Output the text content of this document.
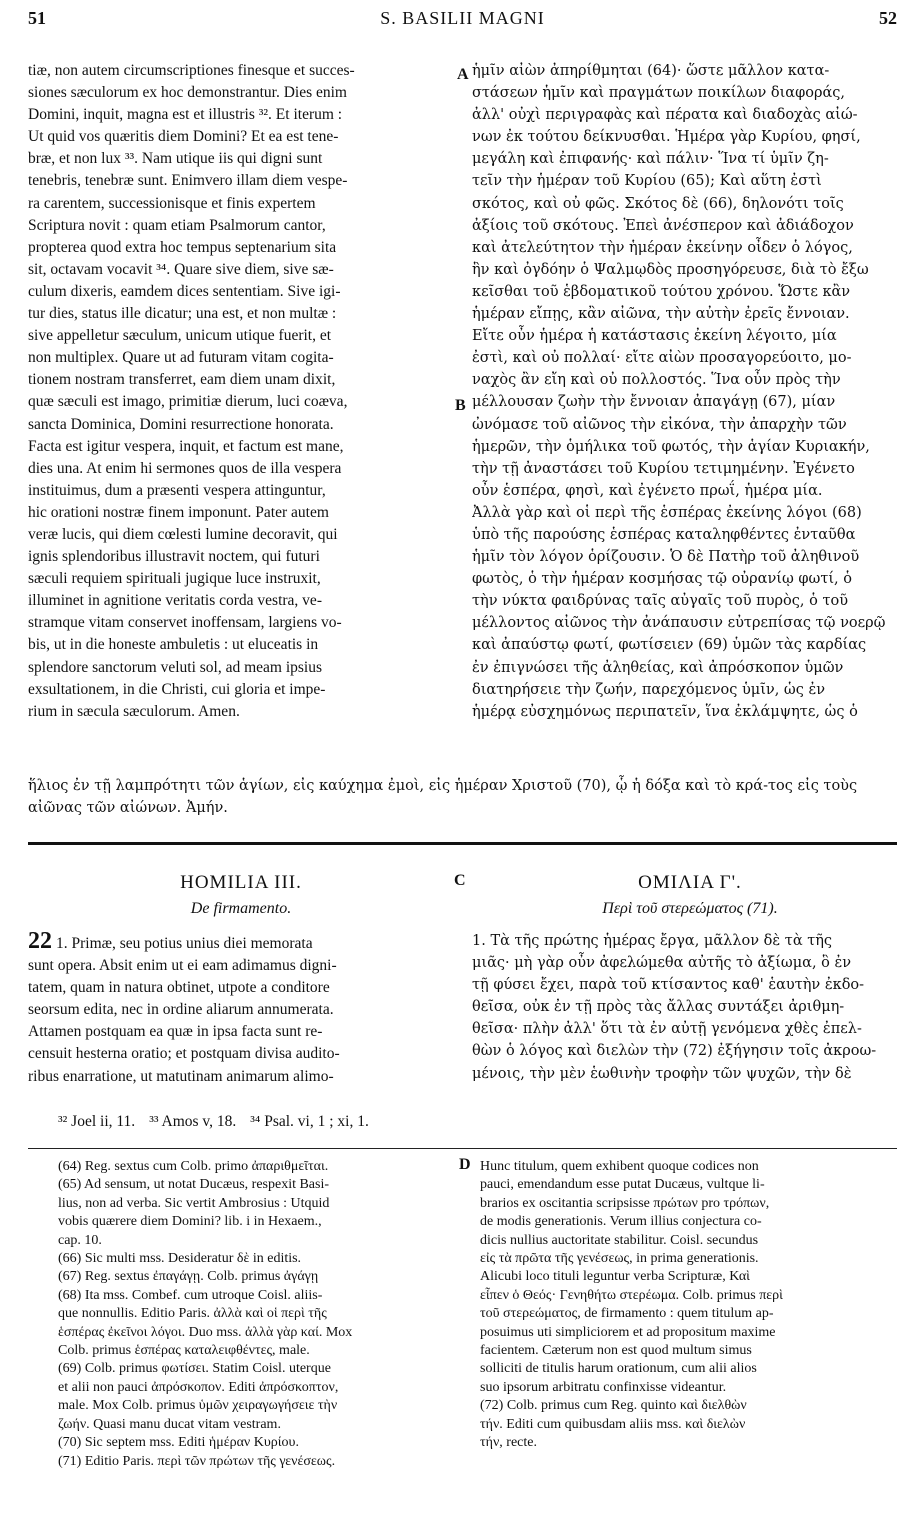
51	S. BASILII MAGNI	52
tiæ, non autem circumscriptiones finesque et succes-
siones sæculorum ex hoc demonstrantur. Dies enim
Domini, inquit, magna est et illustris ³². Et iterum :
Ut quid vos quæritis diem Domini? Et ea est tene-
bræ, et non lux ³³. Nam utique iis qui digni sunt
tenebris, tenebræ sunt. Enimvero illam diem vespe-
ra carentem, successionisque et finis expertem
Scriptura novit : quam etiam Psalmorum cantor,
propterea quod extra hoc tempus septenarium sita
sit, octavam vocavit ³⁴. Quare sive diem, sive sæ-
culum dixeris, eamdem dices sententiam. Sive igi-
tur dies, status ille dicatur; una est, et non multæ :
sive appelletur sæculum, unicum utique fuerit, et
non multiplex. Quare ut ad futuram vitam cogita-
tionem nostram transferret, eam diem unam dixit,
quæ sæculi est imago, primitiæ dierum, luci coæva,
sancta Dominica, Domini resurrectione honorata.
Facta est igitur vespera, inquit, et factum est mane,
dies una. At enim hi sermones quos de illa vespera
instituimus, dum a præsenti vespera attinguntur,
hic orationi nostræ finem imponunt. Pater autem
veræ lucis, qui diem cœlesti lumine decoravit, qui
ignis splendoribus illustravit noctem, qui futuri
sæculi requiem spirituali jugique luce instruxit,
illuminet in agnitione veritatis corda vestra, ve-
stramque vitam conservet inoffensam, largiens vo-
bis, ut in die honeste ambuletis : ut eluceatis in
splendore sanctorum veluti sol, ad meam ipsius
exsultationem, in die Christi, cui gloria et impe-
rium in sæcula sæculorum. Amen.
ἡμῖν αἰὼν ἀπηρίθμηται (64)· ὥστε μᾶλλον κατα-
στάσεων ἡμῖν καὶ πραγμάτων ποικίλων διαφοράς,
ἀλλ' οὐχὶ περιγραφὰς καὶ πέρατα καὶ διαδοχὰς αἰώ-
νων ἐκ τούτου δείκνυσθαι. Ἡμέρα γὰρ Κυρίου, φησί,
μεγάλη καὶ ἐπιφανής· καὶ πάλιν· Ἵνα τί ὑμῖν ζη-
τεῖν τὴν ἡμέραν τοῦ Κυρίου (65); Καὶ αὕτη ἐστὶ
σκότος, καὶ οὐ φῶς. Σκότος δὲ (66), δηλονότι τοῖς
ἀξίοις τοῦ σκότους. Ἐπεὶ ἀνέσπερον καὶ ἀδιάδοχον
καὶ ἀτελεύτητον τὴν ἡμέραν ἐκείνην οἶδεν ὁ λόγος,
ἣν καὶ ὀγδόην ὁ Ψαλμῳδὸς προσηγόρευσε, διὰ τὸ ἔξω
κεῖσθαι τοῦ ἑβδοματικοῦ τούτου χρόνου. Ὥστε κἂν
ἡμέραν εἴπῃς, κἂν αἰῶνα, τὴν αὐτὴν ἐρεῖς ἔννοιαν.
Εἴτε οὖν ἡμέρα ἡ κατάστασις ἐκείνη λέγοιτο, μία
ἐστὶ, καὶ οὐ πολλαί· εἴτε αἰὼν προσαγορεύοιτο, μο-
ναχὸς ἂν εἴη καὶ οὐ πολλοστός. Ἵνα οὖν πρὸς τὴν
μέλλουσαν ζωὴν τὴν ἔννοιαν ἀπαγάγῃ (67), μίαν
ὠνόμασε τοῦ αἰῶνος τὴν εἰκόνα, τὴν ἀπαρχὴν τῶν
ἡμερῶν, τὴν ὁμήλικα τοῦ φωτός, τὴν ἁγίαν Κυριακήν,
τὴν τῇ ἀναστάσει τοῦ Κυρίου τετιμημένην. Ἐγένετο
οὖν ἑσπέρα, φησὶ, καὶ ἐγένετο πρωΐ, ἡμέρα μία.
Ἀλλὰ γὰρ καὶ οἱ περὶ τῆς ἑσπέρας ἐκείνης λόγοι (68)
ὑπὸ τῆς παρούσης ἑσπέρας καταληφθέντες ἐνταῦθα
ἡμῖν τὸν λόγον ὁρίζουσιν. Ὁ δὲ Πατὴρ τοῦ ἀληθινοῦ
φωτὸς, ὁ τὴν ἡμέραν κοσμήσας τῷ οὐρανίῳ φωτί, ὁ
τὴν νύκτα φαιδρύνας ταῖς αὐγαῖς τοῦ πυρὸς, ὁ τοῦ
μέλλοντος αἰῶνος τὴν ἀνάπαυσιν εὐτρεπίσας τῷ νοερῷ
καὶ ἀπαύστῳ φωτί, φωτίσειεν (69) ὑμῶν τὰς καρδίας
ἐν ἐπιγνώσει τῆς ἀληθείας, καὶ ἀπρόσκοπον ὑμῶν
διατηρήσειε τὴν ζωήν, παρεχόμενος ὑμῖν, ὡς ἐν
ἡμέρᾳ εὐσχημόνως περιπατεῖν, ἵνα ἐκλάμψητε, ὡς ὁ
A
B
ἥλιος ἐν τῇ λαμπρότητι τῶν ἁγίων, εἰς καύχημα ἐμοὶ, εἰς ἡμέραν Χριστοῦ (70), ᾧ ἡ δόξα καὶ τὸ κρά-τος εἰς τοὺς αἰῶνας τῶν αἰώνων. Ἀμήν.
HOMILIA III.	C	ΟΜΙΛΙΑ Γ'.
De firmamento.	Περὶ τοῦ στερεώματος (71).
22 1. Primæ, seu potius unius diei memorata
sunt opera. Absit enim ut ei eam adimamus digni-
tatem, quam in natura obtinet, utpote a conditore
seorsum edita, nec in ordine aliarum annumerata.
Attamen postquam ea quæ in ipsa facta sunt re-
censuit hesterna oratio; et postquam divisa audito-
ribus enarratione, ut matutinam animarum alimo-
1. Τὰ τῆς πρώτης ἡμέρας ἔργα, μᾶλλον δὲ τὰ τῆς
μιᾶς· μὴ γὰρ οὖν ἀφελώμεθα αὐτῆς τὸ ἀξίωμα, ὃ ἐν
τῇ φύσει ἔχει, παρὰ τοῦ κτίσαντος καθ' ἑαυτὴν ἐκδο-
θεῖσα, οὐκ ἐν τῇ πρὸς τὰς ἄλλας συντάξει ἀριθμη-
θεῖσα· πλὴν ἀλλ' ὅτι τὰ ἐν αὐτῇ γενόμενα χθὲς ἐπελ-
θὼν ὁ λόγος καὶ διελὼν τὴν (72) ἐξήγησιν τοῖς ἀκροω-
μένοις, τὴν μὲν ἑωθινὴν τροφὴν τῶν ψυχῶν, τὴν δὲ
³² Joel ii, 11. ³³ Amos v, 18. ³⁴ Psal. vi, 1 ; xi, 1.
(64) Reg. sextus cum Colb. primo ἀπαριθμεῖται.
(65) Ad sensum, ut notat Ducæus, respexit Basi-
lius, non ad verba. Sic vertit Ambrosius : Utquid
vobis quærere diem Domini? lib. i in Hexaem.,
cap. 10.
(66) Sic multi mss. Desideratur δὲ in editis.
(67) Reg. sextus ἐπαγάγῃ. Colb. primus ἀγάγῃ
(68) Ita mss. Combef. cum utroque Coisl. aliis-
que nonnullis. Editio Paris. ἀλλὰ καὶ οἱ περὶ τῆς
ἑσπέρας ἐκεῖνοι λόγοι. Duo mss. ἀλλὰ γὰρ καί. Mox
Colb. primus ἑσπέρας καταλειφθέντες, male.
(69) Colb. primus φωτίσει. Statim Coisl. uterque
et alii non pauci ἀπρόσκοπον. Editi ἀπρόσκοπτον,
male. Mox Colb. primus ὑμῶν χειραγωγήσειε τὴν
ζωήν. Quasi manu ducat vitam vestram.
(70) Sic septem mss. Editi ἡμέραν Κυρίου.
(71) Editio Paris. περὶ τῶν πρώτων τῆς γενέσεως.
D Hunc titulum, quem exhibent quoque codices non
pauci, emendandum esse putat Ducæus, vultque li-
brarios ex oscitantia scripsisse πρώτων pro τρόπων,
de modis generationis. Verum illius conjectura co-
dicis nullius auctoritate stabilitur. Coisl. secundus
εἰς τὰ πρῶτα τῆς γενέσεως, in prima generationis.
Alicubi loco tituli leguntur verba Scripturæ, Καὶ
εἶπεν ὁ Θεός· Γενηθήτω στερέωμα. Colb. primus περὶ
τοῦ στερεώματος, de firmamento : quem titulum ap-
posuimus uti simpliciorem et ad propositum maxime
facientem. Cæterum non est quod multum simus
solliciti de titulis harum orationum, cum alii alios
suo ipsorum arbitratu confinxisse videantur.
(72) Colb. primus cum Reg. quinto καὶ διελθὼν
τήν. Editi cum quibusdam aliis mss. καὶ διελὼν
τήν, recte.
